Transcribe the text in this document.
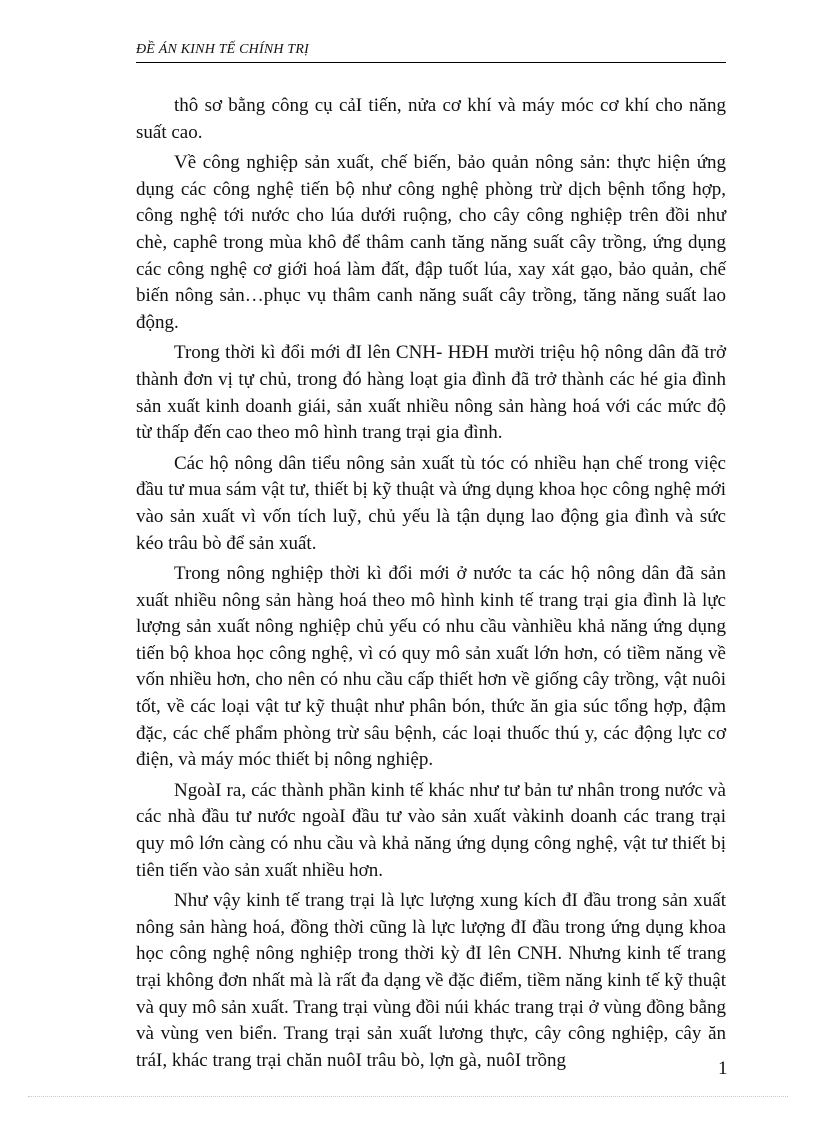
ĐỀ ÁN KINH TẾ CHÍNH TRỊ

thô sơ bằng công cụ cảI tiến, nửa cơ khí và máy móc cơ khí cho năng suất cao.

Về công nghiệp sản xuất, chế biến, bảo quản nông sản: thực hiện ứng dụng các công nghệ tiến bộ như công nghệ phòng trừ dịch bệnh tổng hợp, công nghệ tới nước cho lúa dưới ruộng, cho cây công nghiệp trên đồi như chè, caphê trong mùa khô để thâm canh tăng năng suất cây trồng, ứng dụng các công nghệ cơ giới hoá làm đất, đập tuốt lúa, xay xát gạo, bảo quản, chế biến nông sản…phục vụ thâm canh năng suất cây trồng, tăng năng suất lao động.

Trong thời kì đổi mới đI lên CNH- HĐH mười triệu hộ nông dân đã trở thành đơn vị tự chủ, trong đó hàng loạt gia đình đã trở thành các hé gia đình sản xuất kinh doanh giái, sản xuất nhiều nông sản hàng hoá với các mức độ từ thấp đến cao theo mô hình trang trại gia đình.

Các hộ nông dân tiểu nông sản xuất tù tóc có nhiều hạn chế trong việc đầu tư mua sám vật tư, thiết bị kỹ thuật và ứng dụng khoa học công nghệ mới vào sản xuất vì vốn tích luỹ, chủ yếu là tận dụng lao động gia đình và sức kéo trâu bò để sản xuất.

Trong nông nghiệp thời kì đổi mới ở nước ta các hộ nông dân đã sản xuất nhiều nông sản hàng hoá theo mô hình kinh tế trang trại gia đình là lực lượng sản xuất nông nghiệp chủ yếu có nhu cầu vànhiều khả năng ứng dụng tiến bộ khoa học công nghệ, vì có quy mô sản xuất lớn hơn, có tiềm năng về vốn nhiều hơn, cho nên có nhu cầu cấp thiết hơn về giống cây trồng, vật nuôi tốt, về các loại vật tư kỹ thuật như phân bón, thức ăn gia súc tổng hợp, đậm đặc, các chế phẩm phòng trừ sâu bệnh, các loại thuốc thú y, các động lực cơ điện, và máy móc thiết bị nông nghiệp.

NgoàI ra, các thành phần kinh tế khác như tư bản tư nhân trong nước và các nhà đầu tư nước ngoàI đầu tư vào sản xuất vàkinh doanh các trang trại quy mô lớn càng có nhu cầu và khả năng ứng dụng công nghệ, vật tư thiết bị tiên tiến vào sản xuất nhiều hơn.

Như vậy kinh tế trang trại là lực lượng xung kích đI đầu trong sản xuất nông sản hàng hoá, đồng thời cũng là lực lượng đI đầu trong ứng dụng khoa học công nghệ nông nghiệp trong thời kỳ đI lên CNH. Nhưng kinh tế trang trại không đơn nhất mà là rất đa dạng về đặc điểm, tiềm năng kinh tế kỹ thuật và quy mô sản xuất. Trang trại vùng đồi núi khác trang trại ở vùng đồng bằng và vùng ven biển. Trang trại sản xuất lương thực, cây công nghiệp, cây ăn tráI, khác trang trại chăn nuôI trâu bò, lợn gà, nuôI trồng	1
